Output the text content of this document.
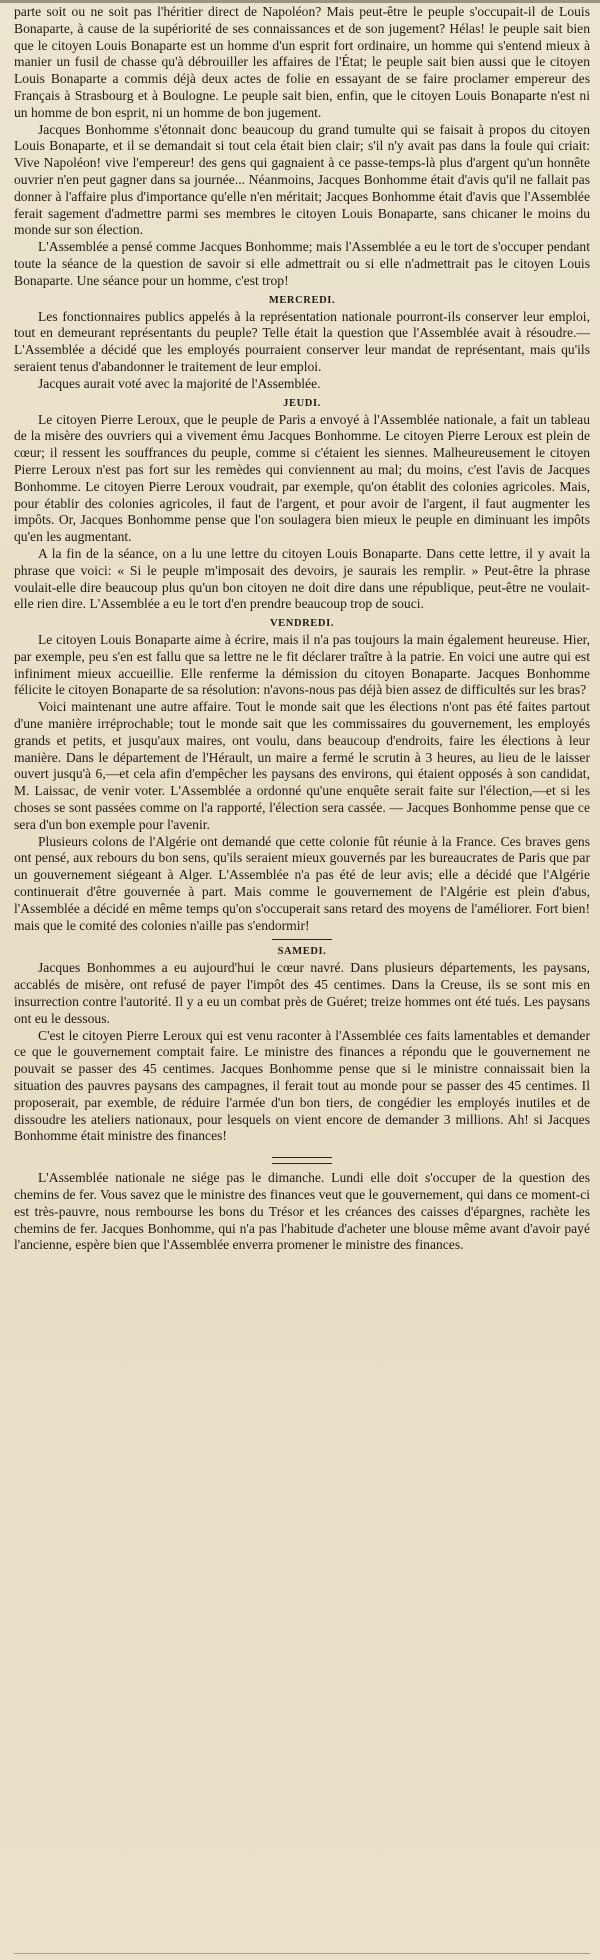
parte soit ou ne soit pas l'héritier direct de Napoléon? Mais peut-être le peuple s'occupait-il de Louis Bonaparte, à cause de la supériorité de ses connaissances et de son jugement? Hélas! le peuple sait bien que le citoyen Louis Bonaparte est un homme d'un esprit fort ordinaire, un homme qui s'entend mieux à manier un fusil de chasse qu'à débrouiller les affaires de l'État; le peuple sait bien aussi que le citoyen Louis Bonaparte a commis déjà deux actes de folie en essayant de se faire proclamer empereur des Français à Strasbourg et à Boulogne. Le peuple sait bien, enfin, que le citoyen Louis Bonaparte n'est ni un homme de bon esprit, ni un homme de bon jugement.

Jacques Bonhomme s'étonnait donc beaucoup du grand tumulte qui se faisait à propos du citoyen Louis Bonaparte, et il se demandait si tout cela était bien clair; s'il n'y avait pas dans la foule qui criait: Vive Napoléon! vive l'empereur! des gens qui gagnaient à ce passe-temps-là plus d'argent qu'un honnête ouvrier n'en peut gagner dans sa journée... Néanmoins, Jacques Bonhomme était d'avis qu'il ne fallait pas donner à l'affaire plus d'importance qu'elle n'en méritait; Jacques Bonhomme était d'avis que l'Assemblée ferait sagement d'admettre parmi ses membres le citoyen Louis Bonaparte, sans chicaner le moins du monde sur son élection.

L'Assemblée a pensé comme Jacques Bonhomme; mais l'Assemblée a eu le tort de s'occuper pendant toute la séance de la question de savoir si elle admettrait ou si elle n'admettrait pas le citoyen Louis Bonaparte. Une séance pour un homme, c'est trop!

MERCREDI.

Les fonctionnaires publics appelés à la représentation nationale pourront-ils conserver leur emploi, tout en demeurant représentants du peuple? Telle était la question que l'Assemblée avait à résoudre.—L'Assemblée a décidé que les employés pourraient conserver leur mandat de représentant, mais qu'ils seraient tenus d'abandonner le traitement de leur emploi.

Jacques aurait voté avec la majorité de l'Assemblée.

JEUDI.

Le citoyen Pierre Leroux, que le peuple de Paris a envoyé à l'Assemblée nationale, a fait un tableau de la misère des ouvriers qui a vivement ému Jacques Bonhomme. Le citoyen Pierre Leroux est plein de cœur; il ressent les souffrances du peuple, comme si c'étaient les siennes. Malheureusement le citoyen Pierre Leroux n'est pas fort sur les remèdes qui conviennent au mal; du moins, c'est l'avis de Jacques Bonhomme. Le citoyen Pierre Leroux voudrait, par exemple, qu'on établit des colonies agricoles. Mais, pour établir des colonies agricoles, il faut de l'argent, et pour avoir de l'argent, il faut augmenter les impôts. Or, Jacques Bonhomme pense que l'on soulagera bien mieux le peuple en diminuant les impôts qu'en les augmentant.

A la fin de la séance, on a lu une lettre du citoyen Louis Bonaparte. Dans cette lettre, il y avait la phrase que voici: « Si le peuple m'imposait des devoirs, je saurais les remplir. » Peut-être la phrase voulait-elle dire beaucoup plus qu'un bon citoyen ne doit dire dans une république, peut-être ne voulait-elle rien dire. L'Assemblée a eu le tort d'en prendre beaucoup trop de souci.

VENDREDI.

Le citoyen Louis Bonaparte aime à écrire, mais il n'a pas toujours la main également heureuse. Hier, par exemple, peu s'en est fallu que sa lettre ne le fit déclarer traître à la patrie. En voici une autre qui est infiniment mieux accueillie. Elle renferme la démission du citoyen Bonaparte. Jacques Bonhomme félicite le citoyen Bonaparte de sa résolution: n'avons-nous pas déjà bien assez de difficultés sur les bras?

Voici maintenant une autre affaire. Tout le monde sait que les élections n'ont pas été faites partout d'une manière irréprochable; tout le monde sait que les commissaires du gouvernement, les employés grands et petits, et jusqu'aux maires, ont voulu, dans beaucoup d'endroits, faire les élections à leur manière. Dans le département de l'Hérault, un maire a fermé le scrutin à 3 heures, au lieu de le laisser ouvert jusqu'à 6,—et cela afin d'empêcher les paysans des environs, qui étaient opposés à son candidat, M. Laissac, de venir voter. L'Assemblée a ordonné qu'une enquête serait faite sur l'élection,—et si les choses se sont passées comme on l'a rapporté, l'élection sera cassée. — Jacques Bonhomme pense que ce sera d'un bon exemple pour l'avenir.

Plusieurs colons de l'Algérie ont demandé que cette colonie fût réunie à la France. Ces braves gens ont pensé, aux rebours du bon sens, qu'ils seraient mieux gouvernés par les bureaucrates de Paris que par un gouvernement siégeant à Alger. L'Assemblée n'a pas été de leur avis; elle a décidé que l'Algérie continuerait d'être gouvernée à part. Mais comme le gouvernement de l'Algérie est plein d'abus, l'Assemblée a décidé en même temps qu'on s'occuperait sans retard des moyens de l'améliorer. Fort bien! mais que le comité des colonies n'aille pas s'endormir!

SAMEDI.

Jacques Bonhommes a eu aujourd'hui le cœur navré. Dans plusieurs départements, les paysans, accablés de misère, ont refusé de payer l'impôt des 45 centimes. Dans la Creuse, ils se sont mis en insurrection contre l'autorité. Il y a eu un combat près de Guéret; treize hommes ont été tués. Les paysans ont eu le dessous.

C'est le citoyen Pierre Leroux qui est venu raconter à l'Assemblée ces faits lamentables et demander ce que le gouvernement comptait faire. Le ministre des finances a répondu que le gouvernement ne pouvait se passer des 45 centimes. Jacques Bonhomme pense que si le ministre connaissait bien la situation des pauvres paysans des campagnes, il ferait tout au monde pour se passer des 45 centimes. Il proposerait, par exemble, de réduire l'armée d'un bon tiers, de congédier les employés inutiles et de dissoudre les ateliers nationaux, pour lesquels on vient encore de demander 3 millions. Ah! si Jacques Bonhomme était ministre des finances!

L'Assemblée nationale ne siége pas le dimanche. Lundi elle doit s'occuper de la question des chemins de fer. Vous savez que le ministre des finances veut que le gouvernement, qui dans ce moment-ci est très-pauvre, nous rembourse les bons du Trésor et les créances des caisses d'épargnes, rachète les chemins de fer. Jacques Bonhomme, qui n'a pas l'habitude d'acheter une blouse même avant d'avoir payé l'ancienne, espère bien que l'Assemblée enverra promener le ministre des finances.
